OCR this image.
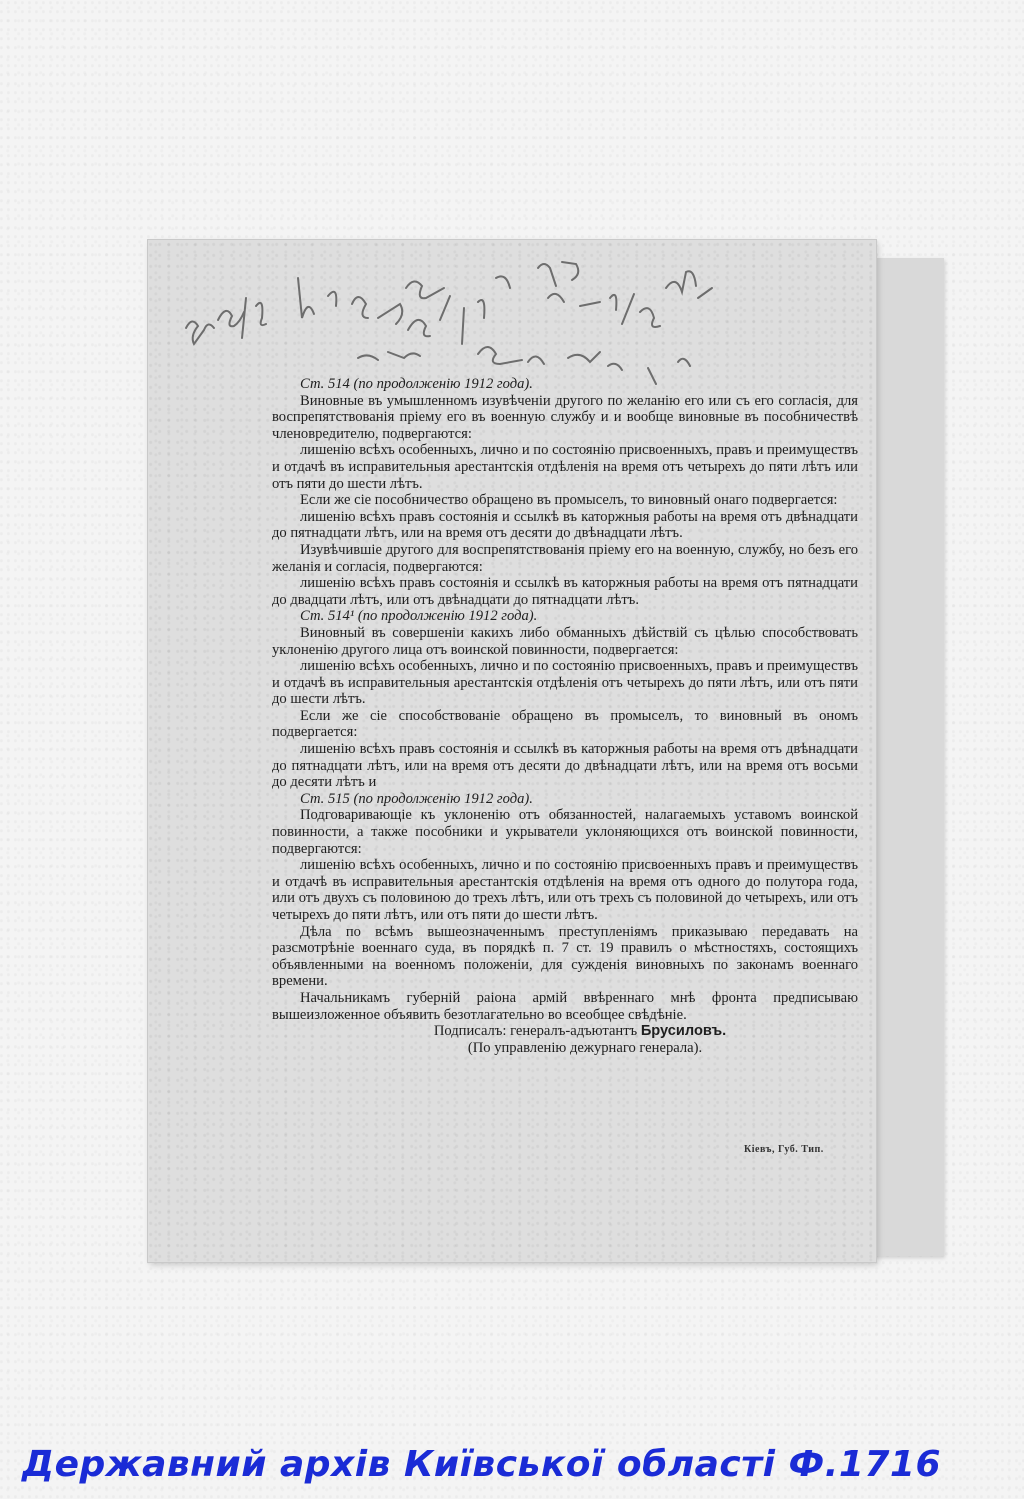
Ст. 514 (по продолженію 1912 года).

Виновные въ умышленномъ изувѣченіи другого по желанію его или съ его согласія, для воспрепятствованія пріему его въ военную службу и и вообще виновные въ пособничествѣ членовредителю, подвергаются:

лишенію всѣхъ особенныхъ, лично и по состоянію присвоенныхъ, правъ и преимуществъ и отдачѣ въ исправительныя арестантскія отдѣленія на время отъ четырехъ до пяти лѣтъ или отъ пяти до шести лѣтъ.

Если же сіе пособничество обращено въ промыселъ, то виновный онаго подвергается:

лишенію всѣхъ правъ состоянія и ссылкѣ въ каторжныя работы на время отъ двѣнадцати до пятнадцати лѣтъ, или на время отъ десяти до двѣнадцати лѣтъ.

Изувѣчившіе другого для воспрепятствованія пріему его на военную, службу, но безъ его желанія и согласія, подвергаются:

лишенію всѣхъ правъ состоянія и ссылкѣ въ каторжныя работы на время отъ пятнадцати до двадцати лѣтъ, или отъ двѣнадцати до пятнадцати лѣтъ.

Ст. 514¹ (по продолженію 1912 года).

Виновный въ совершеніи какихъ либо обманныхъ дѣйствій съ цѣлью способствовать уклоненію другого лица отъ воинской повинности, подвергается:

лишенію всѣхъ особенныхъ, лично и по состоянію присвоенныхъ, правъ и преимуществъ и отдачѣ въ исправительныя арестантскія отдѣленія отъ четырехъ до пяти лѣтъ, или отъ пяти до шести лѣтъ.

Если же сіе способствованіе обращено въ промыселъ, то виновный въ ономъ подвергается:

лишенію всѣхъ правъ состоянія и ссылкѣ въ каторжныя работы на время отъ двѣнадцати до пятнадцати лѣтъ, или на время отъ десяти до двѣнадцати лѣтъ, или на время отъ восьми до десяти лѣтъ и

Ст. 515 (по продолженію 1912 года).

Подговаривающіе къ уклоненію отъ обязанностей, налагаемыхъ уставомъ воинской повинности, а также пособники и укрыватели уклоняющихся отъ воинской повинности, подвергаются:

лишенію всѣхъ особенныхъ, лично и по состоянію присвоенныхъ правъ и преимуществъ и отдачѣ въ исправительныя арестантскія отдѣленія на время отъ одного до полутора года, или отъ двухъ съ половиною до трехъ лѣтъ, или отъ трехъ съ половиной до четырехъ, или отъ четырехъ до пяти лѣтъ, или отъ пяти до шести лѣтъ.

Дѣла по всѣмъ вышеозначеннымъ преступленіямъ приказываю передавать на разсмотрѣніе военнаго суда, въ порядкѣ п. 7 ст. 19 правилъ о мѣстностяхъ, состоящихъ объявленными на военномъ положеніи, для сужденія виновныхъ по законамъ военнаго времени.

Начальникамъ губерній раіона армій ввѣреннаго мнѣ фронта предписываю вышеизложенное объявить безотлагательно во всеобщее свѣдѣніе.

Подписалъ: генералъ-адъютантъ Брусиловъ.

(По управленію дежурнаго генерала).

Кіевъ, Губ. Тип.
Державний архів Київської області Ф.1716
